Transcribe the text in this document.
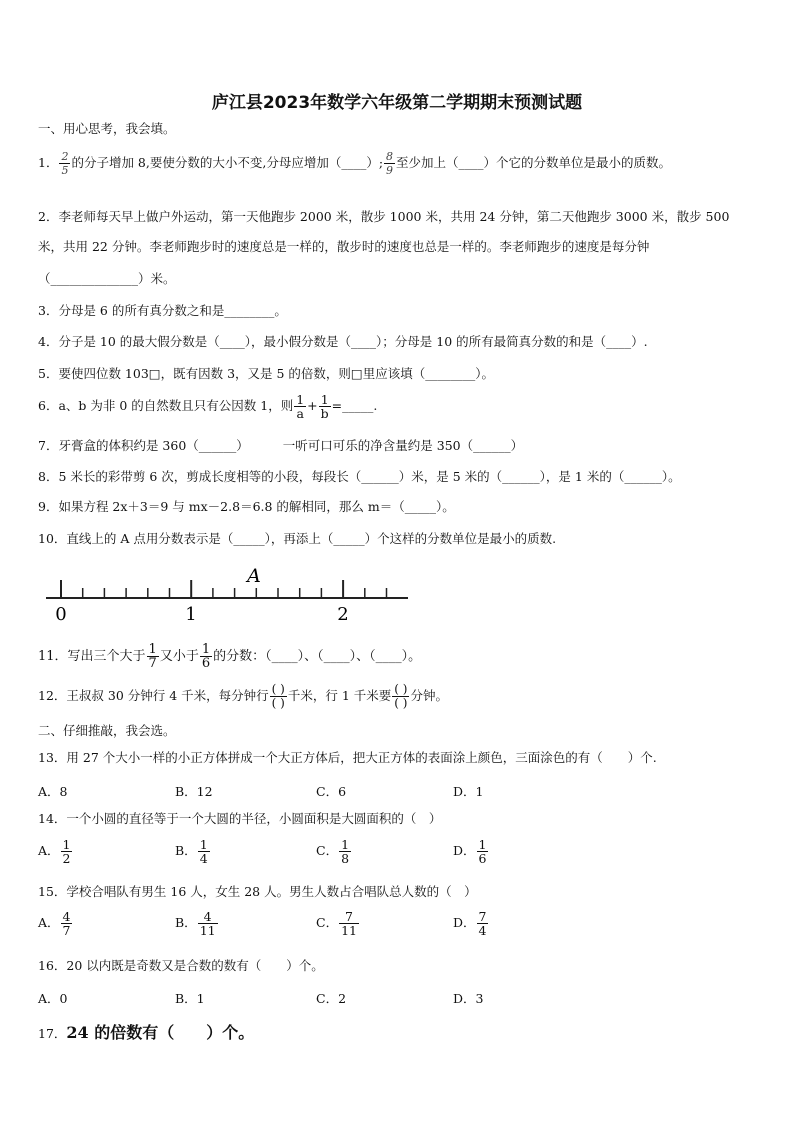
庐江县2023年数学六年级第二学期期末预测试题
一、用心思考，我会填。
1． $\frac{2}{5}$ 的分子增加 8,要使分数的大小不变,分母应增加（____）; $\frac{8}{9}$ 至少加上（____）个它的分数单位是最小的质数。
2．李老师每天早上做户外运动，第一天他跑步 2000 米，散步 1000 米，共用 24 分钟，第二天他跑步 3000 米，散步 500
米，共用 22 分钟。李老师跑步时的速度总是一样的，散步时的速度也总是一样的。李老师跑步的速度是每分钟
（______________）米。
3．分母是 6 的所有真分数之和是________。
4．分子是 10 的最大假分数是（____），最小假分数是（____）；分母是 10 的所有最简真分数的和是（____）.
5．要使四位数 103□，既有因数 3，又是 5 的倍数，则□里应该填（________）。
6．a、b 为非 0 的自然数且只有公因数 1，则 $\frac{1}{a} + \frac{1}{b}$ =_____.
7．牙膏盒的体积约是 360（______）	一听可口可乐的净含量约是 350（______）
8．5 米长的彩带剪 6 次，剪成长度相等的小段，每段长（______）米，是 5 米的（______），是 1 米的（______）。
9．如果方程 2x＋3＝9 与 mx－2.8＝6.8 的解相同，那么 m＝（_____）。
10．直线上的 A 点用分数表示是（_____），再添上（_____）个这样的分数单位是最小的质数.
0	1	2
A
11．写出三个大于 $\frac{1}{7}$ 又小于 $\frac{1}{6}$ 的分数：（____）、（____）、（____）。
12．王叔叔 30 分钟行 4 千米，每分钟行 $\frac{( )}{( )}$ 千米，行 1 千米要 $\frac{( )}{( )}$ 分钟。
二、仔细推敲，我会选。
13．用 27 个大小一样的小正方体拼成一个大正方体后，把大正方体的表面涂上颜色，三面涂色的有（　　）个.
A．8	B．12	C．6	D．1
14．一个小圆的直径等于一个大圆的半径，小圆面积是大圆面积的（　）
A． $\frac{1}{2}$	B． $\frac{1}{4}$	C． $\frac{1}{8}$	D． $\frac{1}{6}$
15．学校合唱队有男生 16 人，女生 28 人。男生人数占合唱队总人数的（　）
A． $\frac{4}{7}$	B． $\frac{4}{11}$	C． $\frac{7}{11}$	D． $\frac{7}{4}$
16．20 以内既是奇数又是合数的数有（　　）个。
A．0	B．1	C．2	D．3
17．24 的倍数有（　　）个。
